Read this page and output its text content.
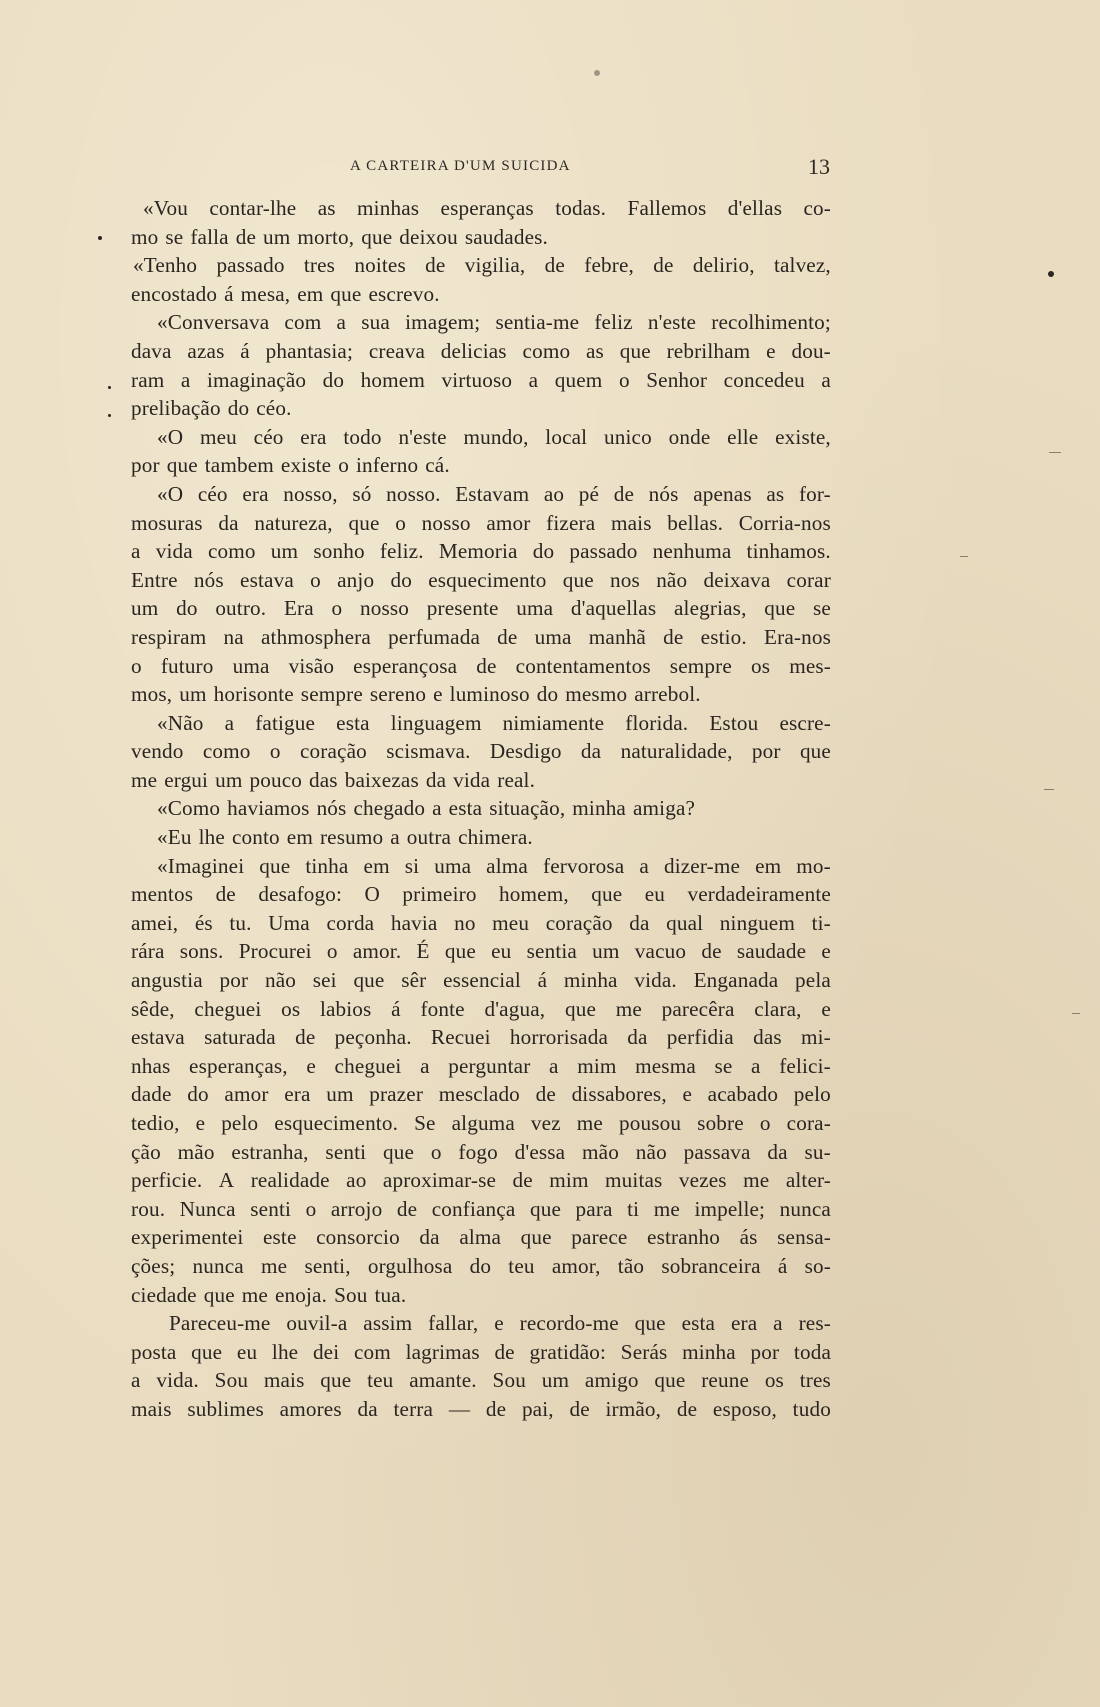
A CARTEIRA D'UM SUICIDA	13
«Vou contar-lhe as minhas esperanças todas. Fallemos d'ellas co-
mo se falla de um morto, que deixou saudades.
«Tenho passado tres noites de vigilia, de febre, de delirio, talvez,
encostado á mesa, em que escrevo.
«Conversava com a sua imagem; sentia-me feliz n'este recolhimento;
dava azas á phantasia; creava delicias como as que rebrilham e dou-
ram a imaginação do homem virtuoso a quem o Senhor concedeu a
prelibação do céo.
«O meu céo era todo n'este mundo, local unico onde elle existe,
por que tambem existe o inferno cá.
«O céo era nosso, só nosso. Estavam ao pé de nós apenas as for-
mosuras da natureza, que o nosso amor fizera mais bellas. Corria-nos
a vida como um sonho feliz. Memoria do passado nenhuma tinhamos.
Entre nós estava o anjo do esquecimento que nos não deixava corar
um do outro. Era o nosso presente uma d'aquellas alegrias, que se
respiram na athmosphera perfumada de uma manhã de estio. Era-nos
o futuro uma visão esperançosa de contentamentos sempre os mes-
mos, um horisonte sempre sereno e luminoso do mesmo arrebol.
«Não a fatigue esta linguagem nimiamente florida. Estou escre-
vendo como o coração scismava. Desdigo da naturalidade, por que
me ergui um pouco das baixezas da vida real.
«Como haviamos nós chegado a esta situação, minha amiga?
«Eu lhe conto em resumo a outra chimera.
«Imaginei que tinha em si uma alma fervorosa a dizer-me em mo-
mentos de desafogo: O primeiro homem, que eu verdadeiramente
amei, és tu. Uma corda havia no meu coração da qual ninguem ti-
rára sons. Procurei o amor. É que eu sentia um vacuo de saudade e
angustia por não sei que sêr essencial á minha vida. Enganada pela
sêde, cheguei os labios á fonte d'agua, que me parecêra clara, e
estava saturada de peçonha. Recuei horrorisada da perfidia das mi-
nhas esperanças, e cheguei a perguntar a mim mesma se a felici-
dade do amor era um prazer mesclado de dissabores, e acabado pelo
tedio, e pelo esquecimento. Se alguma vez me pousou sobre o cora-
ção mão estranha, senti que o fogo d'essa mão não passava da su-
perficie. A realidade ao aproximar-se de mim muitas vezes me alter-
rou. Nunca senti o arrojo de confiança que para ti me impelle; nunca
experimentei este consorcio da alma que parece estranho ás sensa-
ções; nunca me senti, orgulhosa do teu amor, tão sobranceira á so-
ciedade que me enoja. Sou tua.
Pareceu-me ouvil-a assim fallar, e recordo-me que esta era a res-
posta que eu lhe dei com lagrimas de gratidão: Serás minha por toda
a vida. Sou mais que teu amante. Sou um amigo que reune os tres
mais sublimes amores da terra — de pai, de irmão, de esposo, tudo
